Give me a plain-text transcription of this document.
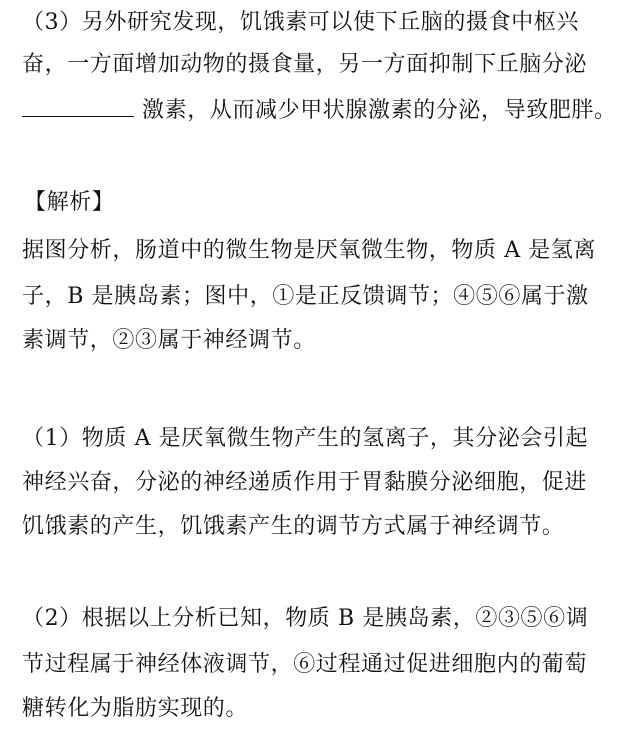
（3）另外研究发现，饥饿素可以使下丘脑的摄食中枢兴
奋，一方面增加动物的摄食量，另一方面抑制下丘脑分泌
激素，从而减少甲状腺激素的分泌，导致肥胖。
【解析】
据图分析，肠道中的微生物是厌氧微生物，物质 A 是氢离
子，B 是胰岛素；图中，①是正反馈调节；④⑤⑥属于激
素调节，②③属于神经调节。
（1）物质 A 是厌氧微生物产生的氢离子，其分泌会引起
神经兴奋，分泌的神经递质作用于胃黏膜分泌细胞，促进
饥饿素的产生，饥饿素产生的调节方式属于神经调节。
（2）根据以上分析已知，物质 B 是胰岛素，②③⑤⑥调
节过程属于神经体液调节，⑥过程通过促进细胞内的葡萄
糖转化为脂肪实现的。
